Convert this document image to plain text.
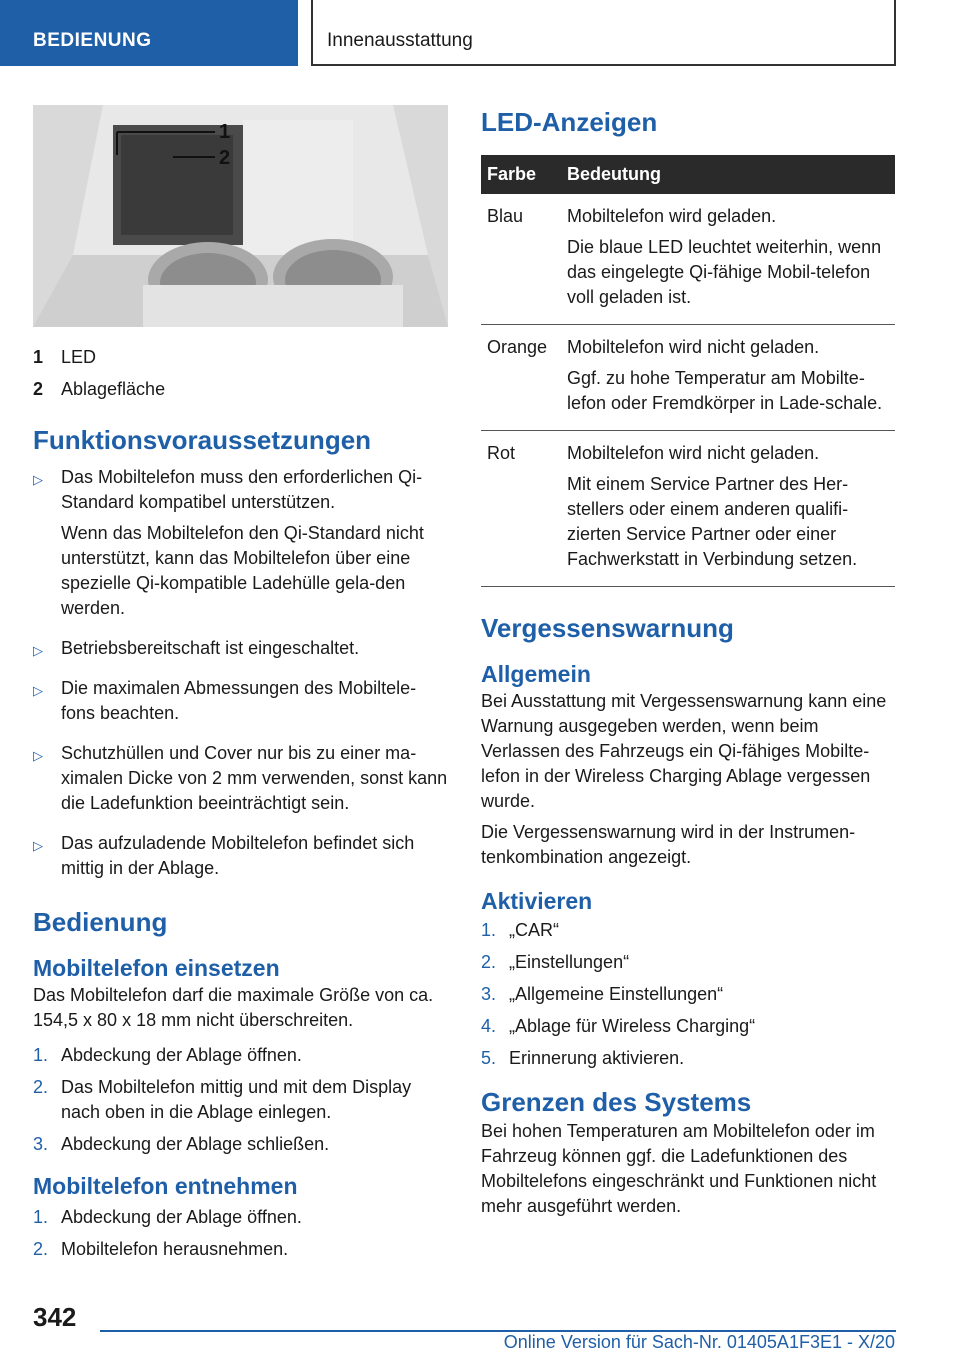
BEDIENUNG	Innenausstattung
1
2
1 LED
2 Ablagefläche
Funktionsvoraussetzungen
▷	Das Mobiltelefon muss den erforderlichen Qi-Standard kompatibel unterstützen.

Wenn das Mobiltelefon den Qi-Standard nicht unterstützt, kann das Mobiltelefon über eine spezielle Qi-kompatible Ladehülle gela-den werden.

▷	Betriebsbereitschaft ist eingeschaltet.

▷	Die maximalen Abmessungen des Mobiltele-fons beachten.

▷	Schutzhüllen und Cover nur bis zu einer ma-ximalen Dicke von 2 mm verwenden, sonst kann die Ladefunktion beeinträchtigt sein.

▷	Das aufzuladende Mobiltelefon befindet sich mittig in der Ablage.

Bedienung
Mobiltelefon einsetzen

Das Mobiltelefon darf die maximale Größe von ca. 154,5 x 80 x 18 mm nicht überschreiten.

1. Abdeckung der Ablage öffnen.
2. Das Mobiltelefon mittig und mit dem Display nach oben in die Ablage einlegen.
3. Abdeckung der Ablage schließen.
Mobiltelefon entnehmen
1. Abdeckung der Ablage öffnen.
2. Mobiltelefon herausnehmen.
LED-Anzeigen
Farbe	Bedeutung
Blau	Mobiltelefon wird geladen.

Die blaue LED leuchtet weiterhin, wenn das eingelegte Qi-fähige Mobil-telefon voll geladen ist.

Orange	Mobiltelefon wird nicht geladen.

Ggf. zu hohe Temperatur am Mobilte-lefon oder Fremdkörper in Lade-schale.

Rot	Mobiltelefon wird nicht geladen.

Mit einem Service Partner des Her-stellers oder einem anderen qualifi-zierten Service Partner oder einer Fachwerkstatt in Verbindung setzen.

Vergessenswarnung
Allgemein

Bei Ausstattung mit Vergessenswarnung kann eine Warnung ausgegeben werden, wenn beim Verlassen des Fahrzeugs ein Qi-fähiges Mobilte-lefon in der Wireless Charging Ablage vergessen wurde.

Die Vergessenswarnung wird in der Instrumen-tenkombination angezeigt.

Aktivieren
1. „CAR“
2. „Einstellungen“
3. „Allgemeine Einstellungen“
4. „Ablage für Wireless Charging“
5. Erinnerung aktivieren.
Grenzen des Systems

Bei hohen Temperaturen am Mobiltelefon oder im Fahrzeug können ggf. die Ladefunktionen des Mobiltelefons eingeschränkt und Funktionen nicht mehr ausgeführt werden.

342
Online Version für Sach-Nr. 01405A1F3E1 - X/20
